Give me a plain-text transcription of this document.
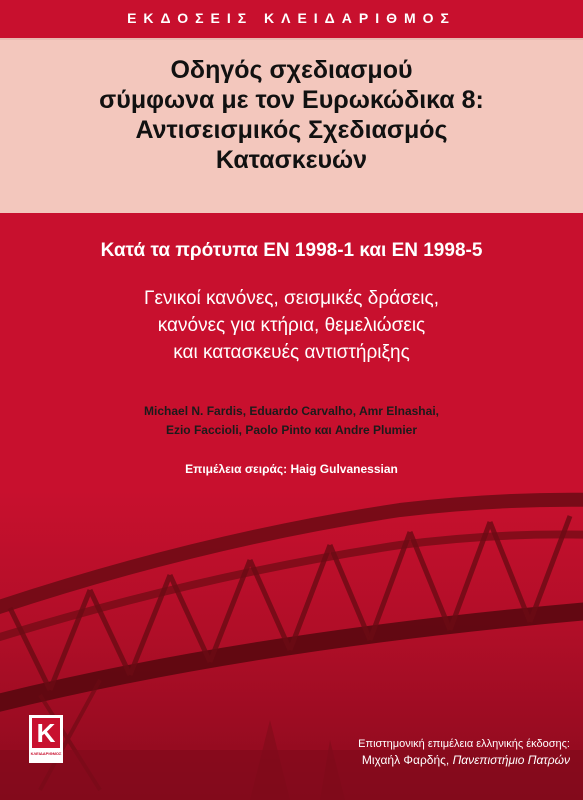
ΕΚΔΟΣΕΙΣ ΚΛΕΙΔΑΡΙΘΜΟΣ
Οδηγός σχεδιασμού
σύμφωνα με τον Ευρωκώδικα 8:
Αντισεισμικός Σχεδιασμός
Κατασκευών
Κατά τα πρότυπα EN 1998-1 και EN 1998-5
Γενικοί κανόνες, σεισμικές δράσεις,
κανόνες για κτήρια, θεμελιώσεις
και κατασκευές αντιστήριξης
Michael N. Fardis, Eduardo Carvalho, Amr Elnashai,
Ezio Faccioli, Paolo Pinto και Andre Plumier
Επιμέλεια σειράς: Haig Gulvanessian
K
ΚΛΕΙΔΑΡΙΘΜΟΣ
Επιστημονική επιμέλεια ελληνικής έκδοσης:
Μιχαήλ Φαρδής, Πανεπιστήμιο Πατρών
